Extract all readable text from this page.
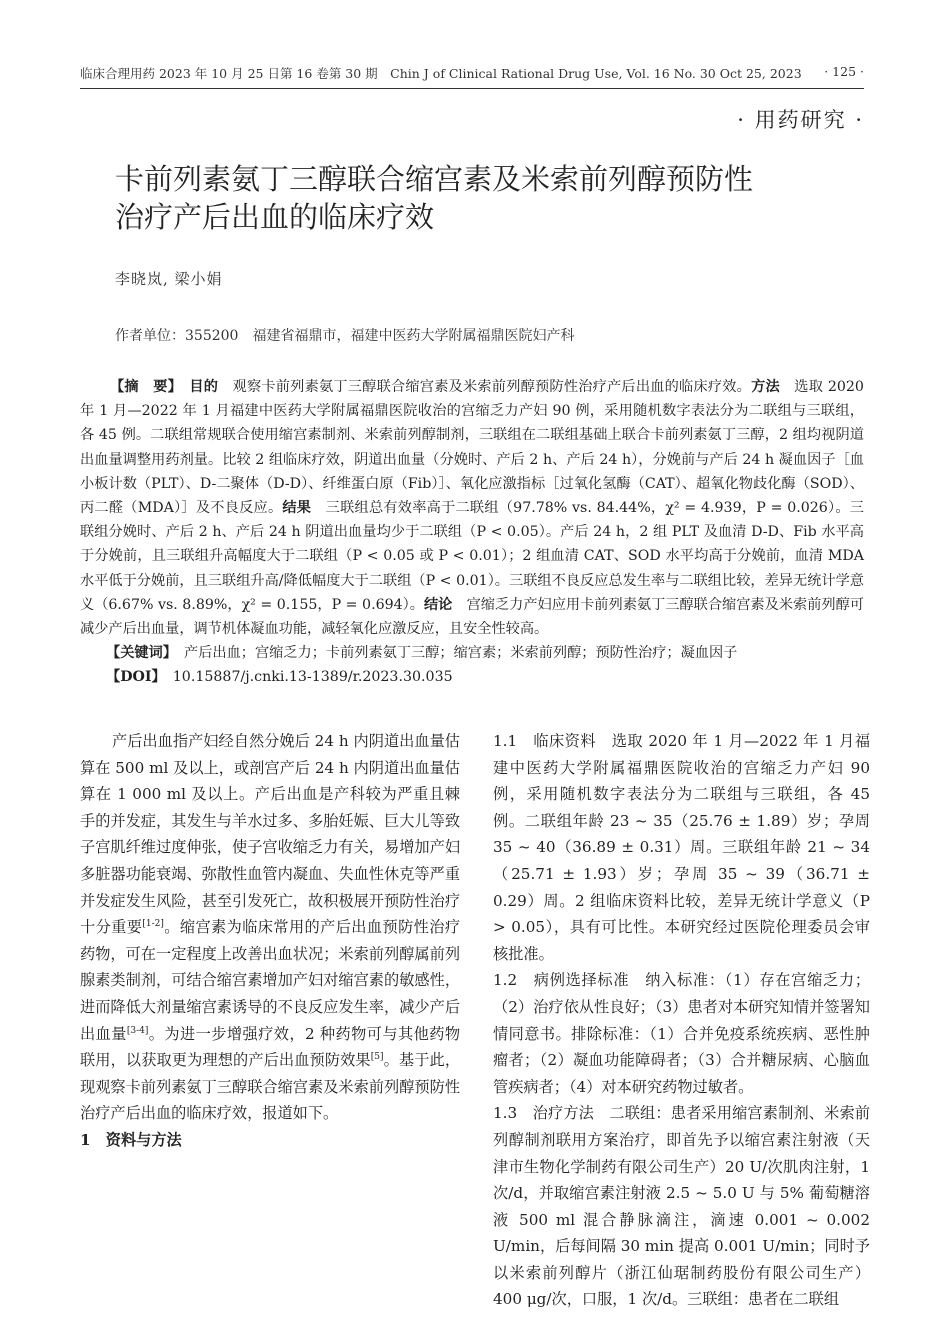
临床合理用药 2023 年 10 月 25 日第 16 卷第 30 期　Chin J of Clinical Rational Drug Use, Vol. 16 No. 30 Oct 25, 2023 · 125 ·
· 用药研究 ·
卡前列素氨丁三醇联合缩宫素及米索前列醇预防性
治疗产后出血的临床疗效
李晓岚, 梁小娟
作者单位：355200　福建省福鼎市，福建中医药大学附属福鼎医院妇产科

【摘　要】　 目的　 观察卡前列素氨丁三醇联合缩宫素及米索前列醇预防性治疗产后出血的临床疗效。方法　 选取 2020 年 1 月—2022 年 1 月福建中医药大学附属福鼎医院收治的宫缩乏力产妇 90 例，采用随机数字表法分为二联组与三联组，各 45 例。二联组常规联合使用缩宫素制剂、米索前列醇制剂，三联组在二联组基础上联合卡前列素氨丁三醇，2 组均视阴道出血量调整用药剂量。比较 2 组临床疗效，阴道出血量（分娩时、产后 2 h、产后 24 h），分娩前与产后 24 h 凝血因子［血小板计数（PLT）、D-二聚体（D-D）、纤维蛋白原（Fib）］、氧化应激指标［过氧化氢酶（CAT）、超氧化物歧化酶（SOD）、丙二醛（MDA）］及不良反应。结果　 三联组总有效率高于二联组（97.78% vs. 84.44%，χ² = 4.939，P = 0.026）。三联组分娩时、产后 2 h、产后 24 h 阴道出血量均少于二联组（P < 0.05）。产后 24 h，2 组 PLT 及血清 D-D、Fib 水平高于分娩前，且三联组升高幅度大于二联组（P < 0.05 或 P < 0.01）；2 组血清 CAT、SOD 水平均高于分娩前，血清 MDA 水平低于分娩前，且三联组升高/降低幅度大于二联组（P < 0.01）。三联组不良反应总发生率与二联组比较，差异无统计学意义（6.67% vs. 8.89%，χ² = 0.155，P = 0.694）。结论　 宫缩乏力产妇应用卡前列素氨丁三醇联合缩宫素及米索前列醇可减少产后出血量，调节机体凝血功能，减轻氧化应激反应，且安全性较高。

【关键词】　 产后出血；宫缩乏力；卡前列素氨丁三醇；缩宫素；米索前列醇；预防性治疗；凝血因子

【DOI】　 10.15887/j.cnki.13-1389/r.2023.30.035

产后出血指产妇经自然分娩后 24 h 内阴道出血量估算在 500 ml 及以上，或剖宫产后 24 h 内阴道出血量估算在 1 000 ml 及以上。产后出血是产科较为严重且棘手的并发症，其发生与羊水过多、多胎妊娠、巨大儿等致子宫肌纤维过度伸张，使子宫收缩乏力有关，易增加产妇多脏器功能衰竭、弥散性血管内凝血、失血性休克等严重并发症发生风险，甚至引发死亡，故积极展开预防性治疗十分重要[1-2]。缩宫素为临床常用的产后出血预防性治疗药物，可在一定程度上改善出血状况；米索前列醇属前列腺素类制剂，可结合缩宫素增加产妇对缩宫素的敏感性，进而降低大剂量缩宫素诱导的不良反应发生率，减少产后出血量[3-4]。为进一步增强疗效，2 种药物可与其他药物联用，以获取更为理想的产后出血预防效果[5]。基于此，现观察卡前列素氨丁三醇联合缩宫素及米索前列醇预防性治疗产后出血的临床疗效，报道如下。

1　资料与方法

1.1　临床资料　 选取 2020 年 1 月—2022 年 1 月福建中医药大学附属福鼎医院收治的宫缩乏力产妇 90 例，采用随机数字表法分为二联组与三联组，各 45 例。二联组年龄 23 ~ 35（25.76 ± 1.89）岁；孕周 35 ~ 40（36.89 ± 0.31）周。三联组年龄 21 ~ 34（25.71 ± 1.93）岁；孕周 35 ~ 39（36.71 ± 0.29）周。2 组临床资料比较，差异无统计学意义（P > 0.05），具有可比性。本研究经过医院伦理委员会审核批准。

1.2　病例选择标准　 纳入标准：（1）存在宫缩乏力；（2）治疗依从性良好；（3）患者对本研究知情并签署知情同意书。排除标准：（1）合并免疫系统疾病、恶性肿瘤者；（2）凝血功能障碍者；（3）合并糖尿病、心脑血管疾病者；（4）对本研究药物过敏者。

1.3　治疗方法　 二联组：患者采用缩宫素制剂、米索前列醇制剂联用方案治疗，即首先予以缩宫素注射液（天津市生物化学制药有限公司生产）20 U/次肌肉注射，1 次/d，并取缩宫素注射液 2.5 ~ 5.0 U 与 5% 葡萄糖溶液 500 ml 混合静脉滴注，滴速 0.001 ~ 0.002 U/min，后每间隔 30 min 提高 0.001 U/min；同时予以米索前列醇片（浙江仙琚制药股份有限公司生产）400 μg/次，口服，1 次/d。三联组：患者在二联组
